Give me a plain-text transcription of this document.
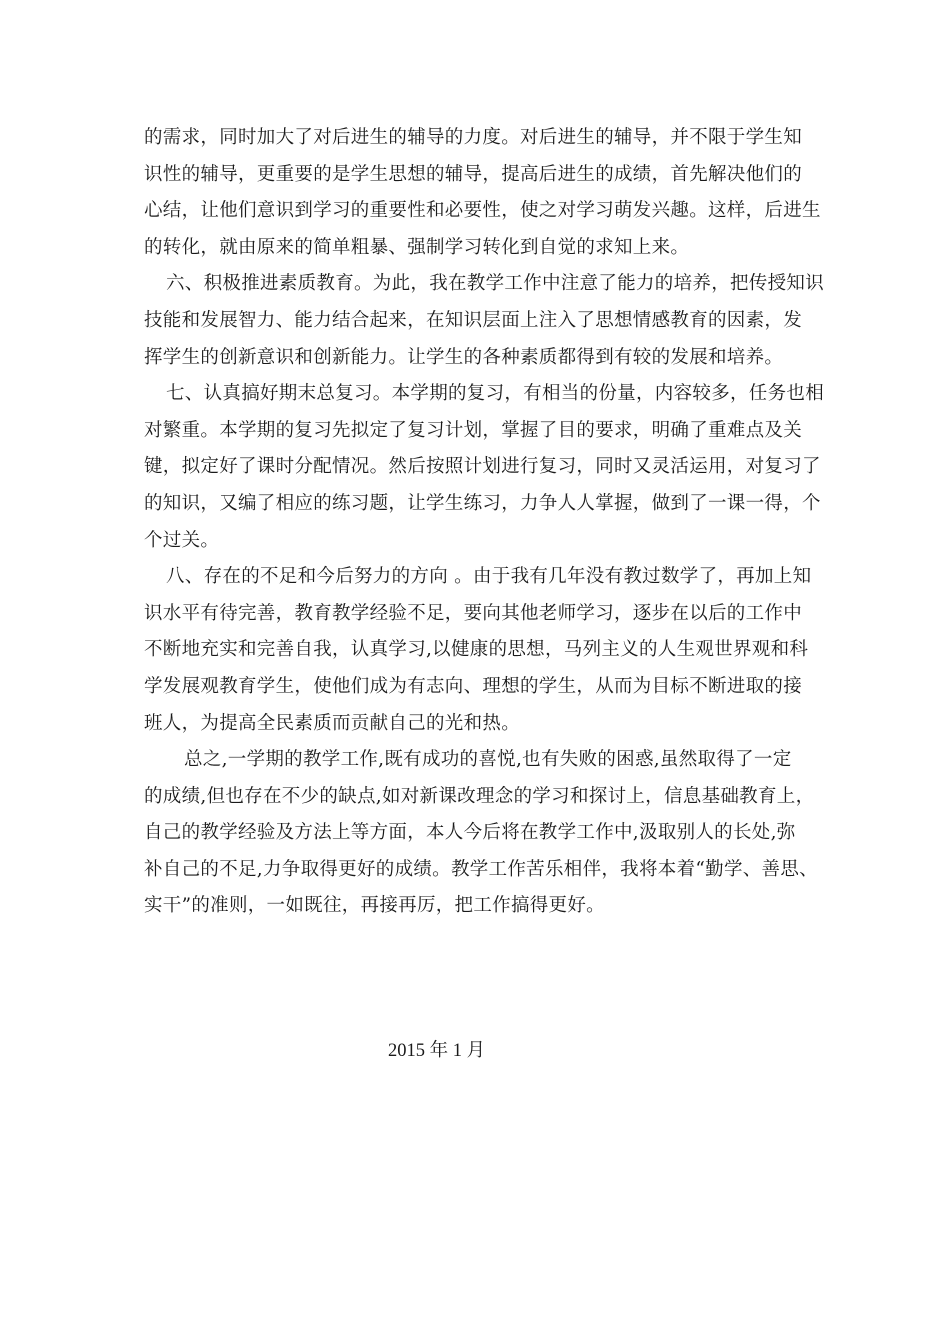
的需求，同时加大了对后进生的辅导的力度。对后进生的辅导，并不限于学生知
识性的辅导，更重要的是学生思想的辅导，提高后进生的成绩，首先解决他们的
心结，让他们意识到学习的重要性和必要性，使之对学习萌发兴趣。这样，后进生
的转化，就由原来的简单粗暴、强制学习转化到自觉的求知上来。
六、积极推进素质教育。为此，我在教学工作中注意了能力的培养，把传授知识
技能和发展智力、能力结合起来，在知识层面上注入了思想情感教育的因素，发
挥学生的创新意识和创新能力。让学生的各种素质都得到有较的发展和培养。
七、认真搞好期末总复习。本学期的复习，有相当的份量，内容较多，任务也相
对繁重。本学期的复习先拟定了复习计划，掌握了目的要求，明确了重难点及关
键，拟定好了课时分配情况。然后按照计划进行复习，同时又灵活运用，对复习了
的知识，又编了相应的练习题，让学生练习，力争人人掌握，做到了一课一得，个
个过关。
八、存在的不足和今后努力的方向 。由于我有几年没有教过数学了，再加上知
识水平有待完善，教育教学经验不足，要向其他老师学习，逐步在以后的工作中
不断地充实和完善自我，认真学习,以健康的思想，马列主义的人生观世界观和科
学发展观教育学生，使他们成为有志向、理想的学生，从而为目标不断进取的接
班人，为提高全民素质而贡献自己的光和热。
总之,一学期的教学工作,既有成功的喜悦,也有失败的困惑,虽然取得了一定
的成绩,但也存在不少的缺点,如对新课改理念的学习和探讨上，信息基础教育上，
自己的教学经验及方法上等方面，本人今后将在教学工作中,汲取别人的长处,弥
补自己的不足,力争取得更好的成绩。教学工作苦乐相伴，我将本着“勤学、善思、
实干”的准则，一如既往，再接再厉，把工作搞得更好。
2015 年 1 月
